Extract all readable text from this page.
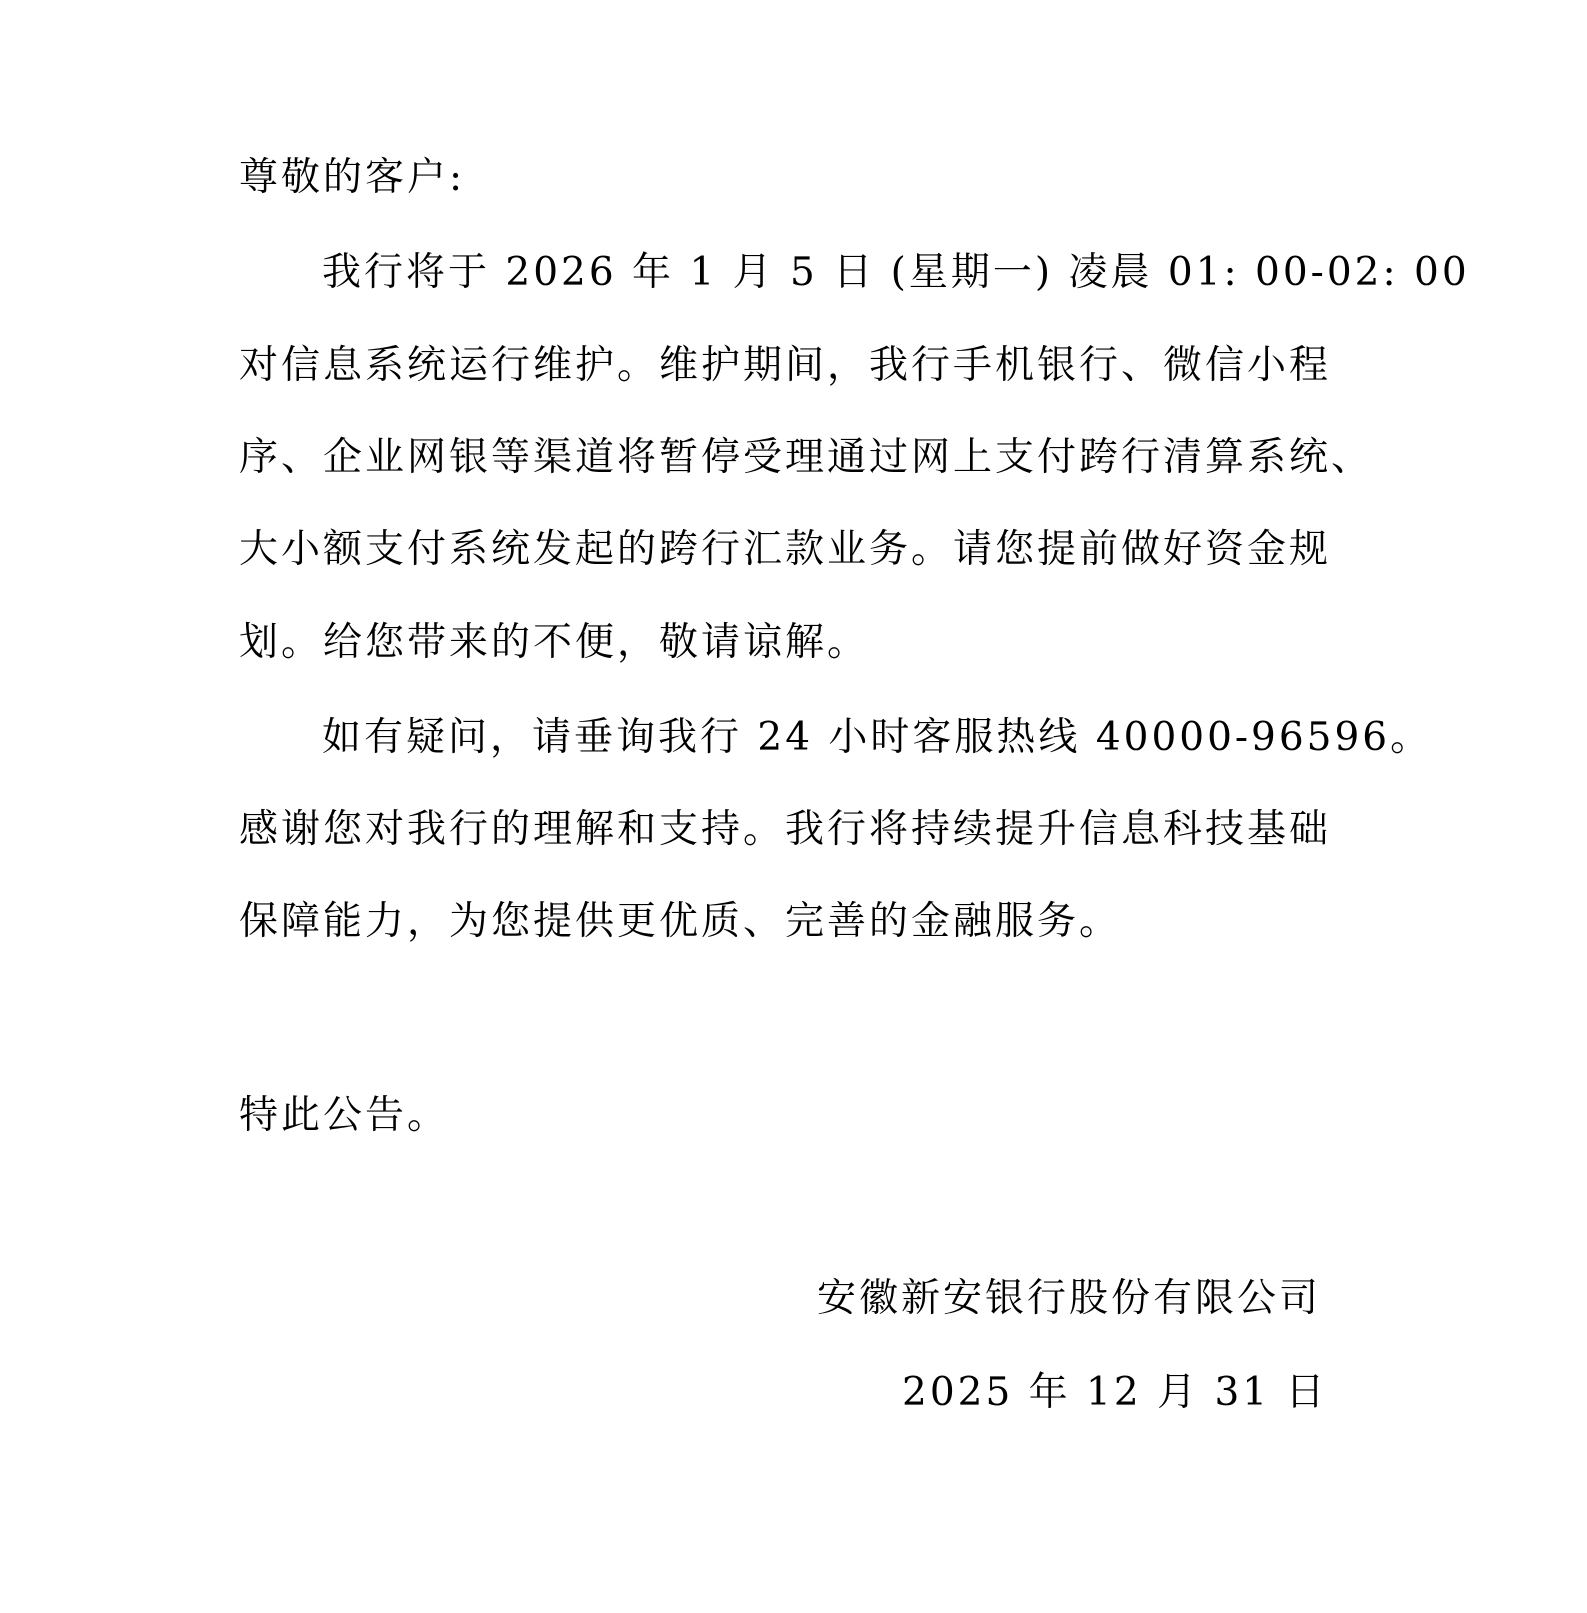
尊敬的客户:
我行将于 2026 年 1 月 5 日 (星期一) 凌晨 01: 00-02: 00
对信息系统运行维护。维护期间，我行手机银行、微信小程
序、企业网银等渠道将暂停受理通过网上支付跨行清算系统、
大小额支付系统发起的跨行汇款业务。请您提前做好资金规
划。给您带来的不便，敬请谅解。
如有疑问，请垂询我行 24 小时客服热线 40000-96596。
感谢您对我行的理解和支持。我行将持续提升信息科技基础
保障能力，为您提供更优质、完善的金融服务。
特此公告。
安徽新安银行股份有限公司
2025 年 12 月 31 日
